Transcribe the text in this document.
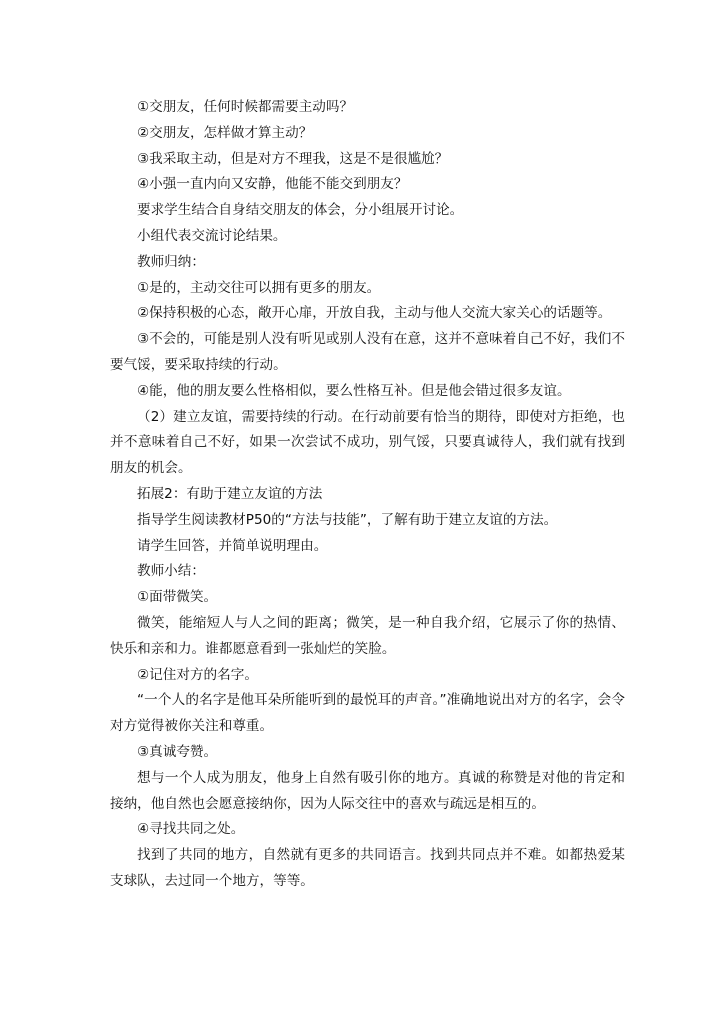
①交朋友，任何时候都需要主动吗？

②交朋友，怎样做才算主动？

③我采取主动，但是对方不理我，这是不是很尴尬？

④小强一直内向又安静，他能不能交到朋友？

要求学生结合自身结交朋友的体会，分小组展开讨论。

小组代表交流讨论结果。

教师归纳：

①是的，主动交往可以拥有更多的朋友。

②保持积极的心态，敞开心扉，开放自我，主动与他人交流大家关心的话题等。

③不会的，可能是别人没有听见或别人没有在意，这并不意味着自己不好，我们不要气馁，要采取持续的行动。

④能，他的朋友要么性格相似，要么性格互补。但是他会错过很多友谊。

（2）建立友谊，需要持续的行动。在行动前要有恰当的期待，即使对方拒绝，也并不意味着自己不好，如果一次尝试不成功，别气馁，只要真诚待人，我们就有找到朋友的机会。

拓展2：有助于建立友谊的方法

指导学生阅读教材P50的“方法与技能”，了解有助于建立友谊的方法。

请学生回答，并简单说明理由。

教师小结：

①面带微笑。

微笑，能缩短人与人之间的距离；微笑，是一种自我介绍，它展示了你的热情、快乐和亲和力。谁都愿意看到一张灿烂的笑脸。

②记住对方的名字。

“一个人的名字是他耳朵所能听到的最悦耳的声音。”准确地说出对方的名字，会令对方觉得被你关注和尊重。

③真诚夸赞。

想与一个人成为朋友，他身上自然有吸引你的地方。真诚的称赞是对他的肯定和接纳，他自然也会愿意接纳你，因为人际交往中的喜欢与疏远是相互的。

④寻找共同之处。

找到了共同的地方，自然就有更多的共同语言。找到共同点并不难。如都热爱某支球队，去过同一个地方，等等。
